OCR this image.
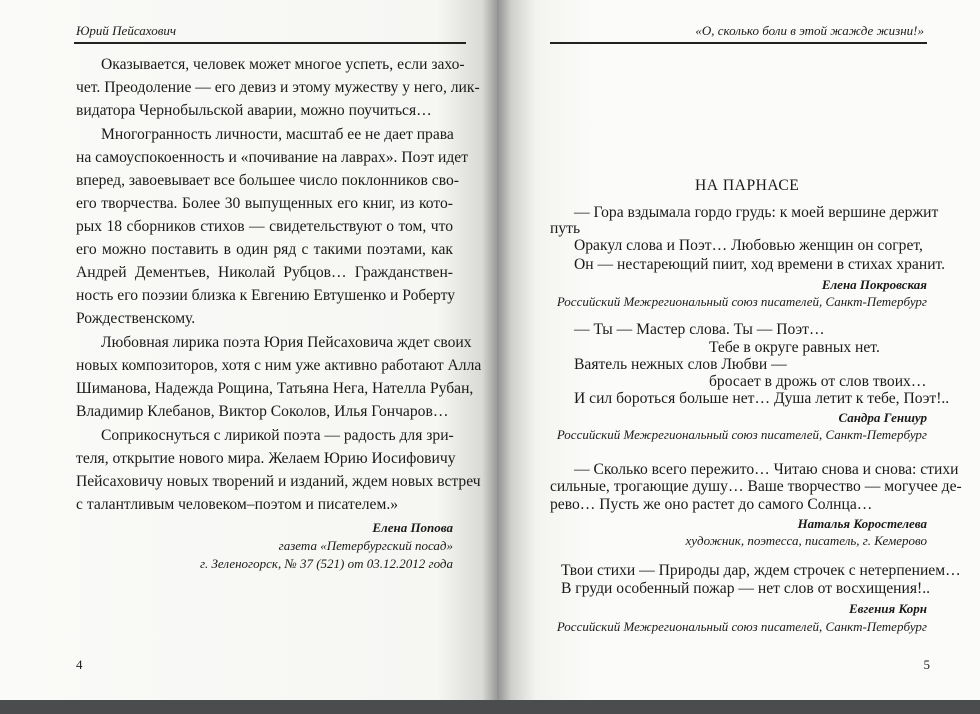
Юрий Пейсахович
Оказывается, человек может многое успеть, если захо-
чет. Преодоление — его девиз и этому мужеству у него, лик-
видатора Чернобыльской аварии, можно поучиться…
Многогранность личности, масштаб ее не дает права
на самоуспокоенность и «почивание на лаврах». Поэт идет
вперед, завоевывает все большее число поклонников сво-
его творчества. Более 30 выпущенных его книг, из кото-
рых 18 сборников стихов — свидетельствуют о том, что
его можно поставить в один ряд с такими поэтами, как
Андрей Дементьев, Николай Рубцов… Гражданствен-
ность его поэзии близка к Евгению Евтушенко и Роберту
Рождественскому.
Любовная лирика поэта Юрия Пейсаховича ждет своих
новых композиторов, хотя с ним уже активно работают Алла
Шиманова, Надежда Рощина, Татьяна Нега, Нателла Рубан,
Владимир Клебанов, Виктор Соколов, Илья Гончаров…
Соприкоснуться с лирикой поэта — радость для зри-
теля, открытие нового мира. Желаем Юрию Иосифовичу
Пейсаховичу новых творений и изданий, ждем новых встреч
с талантливым человеком–поэтом и писателем.»
Елена Попова
газета «Петербургский посад»
г. Зеленогорск, № 37 (521) от 03.12.2012 года
4
«О, сколько боли в этой жажде жизни!»
НА ПАРНАСЕ
— Гора вздымала гордо грудь: к моей вершине держит
путь
Оракул слова и Поэт… Любовью женщин он согрет,
Он — нестареющий пиит, ход времени в стихах хранит.
Елена Покровская
Российский Межрегиональный союз писателей, Санкт-Петербург
— Ты — Мастер слова. Ты — Поэт…
Тебе в округе равных нет.
Ваятель нежных слов Любви —
бросает в дрожь от слов твоих…
И сил бороться больше нет… Душа летит к тебе, Поэт!..
Сандра Геншур
Российский Межрегиональный союз писателей, Санкт-Петербург
— Сколько всего пережито… Читаю снова и снова: стихи
сильные, трогающие душу… Ваше творчество — могучее де-
рево… Пусть же оно растет до самого Солнца…
Наталья Коростелева
художник, поэтесса, писатель, г. Кемерово
Твои стихи — Природы дар, ждем строчек с нетерпением…
В груди особенный пожар — нет слов от восхищения!..
Евгения Корн
Российский Межрегиональный союз писателей, Санкт-Петербург
5
